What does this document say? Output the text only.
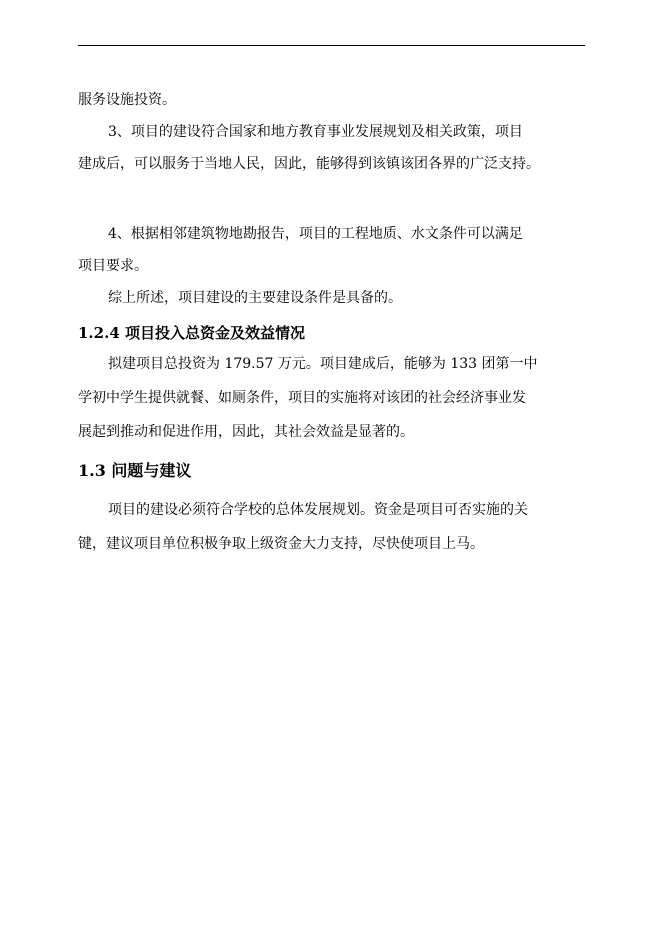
服务设施投资。

3、项目的建设符合国家和地方教育事业发展规划及相关政策，项目

建成后，可以服务于当地人民，因此，能够得到该镇该团各界的广泛支持。

4、根据相邻建筑物地勘报告，项目的工程地质、水文条件可以满足

项目要求。

综上所述，项目建设的主要建设条件是具备的。

1.2.4 项目投入总资金及效益情况

拟建项目总投资为 179.57 万元。项目建成后，能够为 133 团第一中

学初中学生提供就餐、如厕条件，项目的实施将对该团的社会经济事业发

展起到推动和促进作用，因此，其社会效益是显著的。

1.3 问题与建议

项目的建设必须符合学校的总体发展规划。资金是项目可否实施的关

键，建议项目单位积极争取上级资金大力支持，尽快使项目上马。
